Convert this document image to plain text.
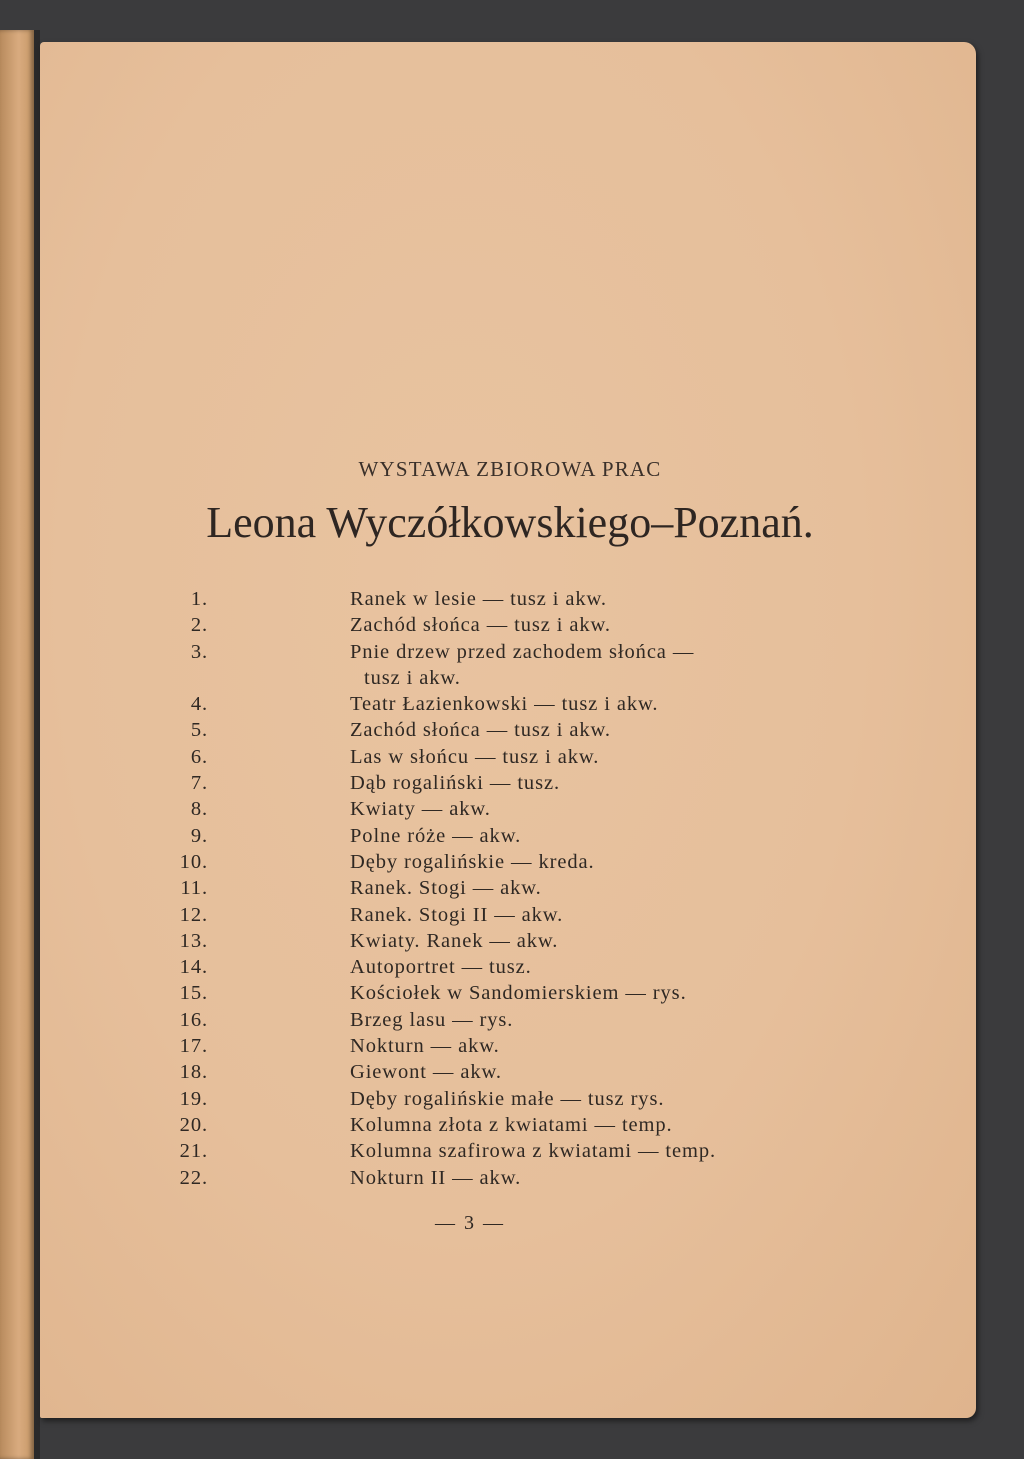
WYSTAWA ZBIOROWA PRAC
Leona Wyczółkowskiego–Poznań.
1.	Ranek w lesie — tusz i akw.
2.	Zachód słońca — tusz i akw.
3.	Pnie drzew przed zachodem słońca —
tusz i akw.
4.	Teatr Łazienkowski — tusz i akw.
5.	Zachód słońca — tusz i akw.
6.	Las w słońcu — tusz i akw.
7.	Dąb rogaliński — tusz.
8.	Kwiaty — akw.
9.	Polne róże — akw.
10.	Dęby rogalińskie — kreda.
11.	Ranek. Stogi — akw.
12.	Ranek. Stogi II — akw.
13.	Kwiaty. Ranek — akw.
14.	Autoportret — tusz.
15.	Kościołek w Sandomierskiem — rys.
16.	Brzeg lasu — rys.
17.	Nokturn — akw.
18.	Giewont — akw.
19.	Dęby rogalińskie małe — tusz rys.
20.	Kolumna złota z kwiatami — temp.
21.	Kolumna szafirowa z kwiatami — temp.
22.	Nokturn II — akw.
— 3 —
